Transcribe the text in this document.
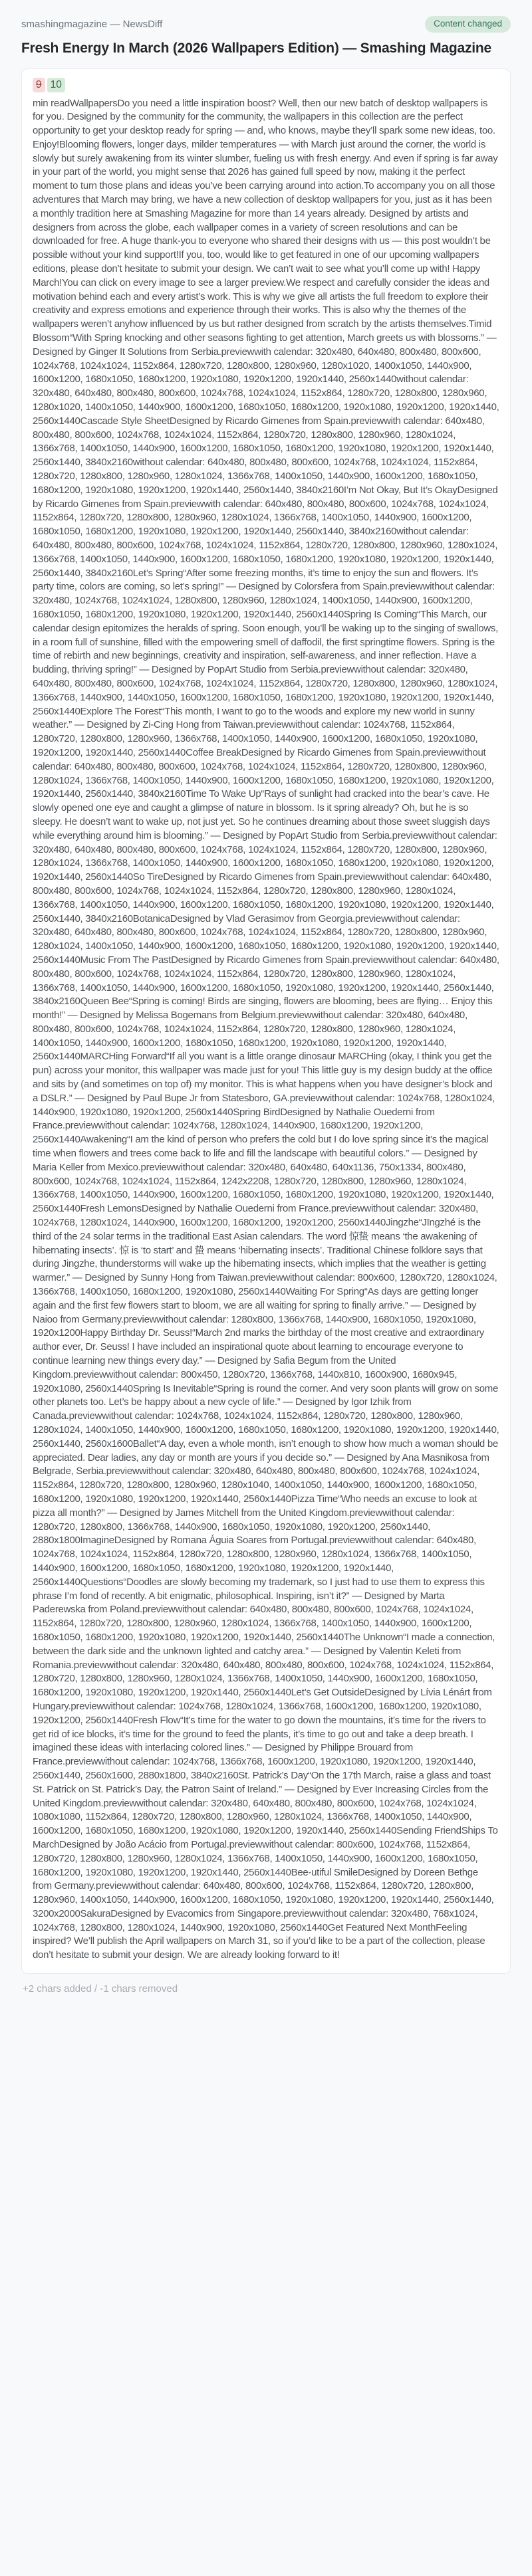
smashingmagazine — NewsDiff	Content changed
Fresh Energy In March (2026 Wallpapers Edition) — Smashing Magazine
9 10
min readWallpapersDo you need a little inspiration boost? Well, then our new batch of desktop wallpapers is for you. Designed by the community for the community, the wallpapers in this collection are the perfect opportunity to get your desktop ready for spring — and, who knows, maybe they’ll spark some new ideas, too. Enjoy!Blooming flowers, longer days, milder temperatures — with March just around the corner, the world is slowly but surely awakening from its winter slumber, fueling us with fresh energy. And even if spring is far away in your part of the world, you might sense that 2026 has gained full speed by now, making it the perfect moment to turn those plans and ideas you’ve been carrying around into action.To accompany you on all those adventures that March may bring, we have a new collection of desktop wallpapers for you, just as it has been a monthly tradition here at Smashing Magazine for more than 14 years already. Designed by artists and designers from across the globe, each wallpaper comes in a variety of screen resolutions and can be downloaded for free. A huge thank-you to everyone who shared their designs with us — this post wouldn’t be possible without your kind support!If you, too, would like to get featured in one of our upcoming wallpapers editions, please don’t hesitate to submit your design. We can’t wait to see what you’ll come up with! Happy March!You can click on every image to see a larger preview.We respect and carefully consider the ideas and motivation behind each and every artist’s work. This is why we give all artists the full freedom to explore their creativity and express emotions and experience through their works. This is also why the themes of the wallpapers weren’t anyhow influenced by us but rather designed from scratch by the artists themselves.Timid Blossom“With Spring knocking and other seasons fighting to get attention, March greets us with blossoms.” — Designed by Ginger It Solutions from Serbia.previewwith calendar: 320x480, 640x480, 800x480, 800x600, 1024x768, 1024x1024, 1152x864, 1280x720, 1280x800, 1280x960, 1280x1020, 1400x1050, 1440x900, 1600x1200, 1680x1050, 1680x1200, 1920x1080, 1920x1200, 1920x1440, 2560x1440without calendar: 320x480, 640x480, 800x480, 800x600, 1024x768, 1024x1024, 1152x864, 1280x720, 1280x800, 1280x960, 1280x1020, 1400x1050, 1440x900, 1600x1200, 1680x1050, 1680x1200, 1920x1080, 1920x1200, 1920x1440, 2560x1440Cascade Style SheetDesigned by Ricardo Gimenes from Spain.previewwith calendar: 640x480, 800x480, 800x600, 1024x768, 1024x1024, 1152x864, 1280x720, 1280x800, 1280x960, 1280x1024, 1366x768, 1400x1050, 1440x900, 1600x1200, 1680x1050, 1680x1200, 1920x1080, 1920x1200, 1920x1440, 2560x1440, 3840x2160without calendar: 640x480, 800x480, 800x600, 1024x768, 1024x1024, 1152x864, 1280x720, 1280x800, 1280x960, 1280x1024, 1366x768, 1400x1050, 1440x900, 1600x1200, 1680x1050, 1680x1200, 1920x1080, 1920x1200, 1920x1440, 2560x1440, 3840x2160I’m Not Okay, But It’s OkayDesigned by Ricardo Gimenes from Spain.previewwith calendar: 640x480, 800x480, 800x600, 1024x768, 1024x1024, 1152x864, 1280x720, 1280x800, 1280x960, 1280x1024, 1366x768, 1400x1050, 1440x900, 1600x1200, 1680x1050, 1680x1200, 1920x1080, 1920x1200, 1920x1440, 2560x1440, 3840x2160without calendar: 640x480, 800x480, 800x600, 1024x768, 1024x1024, 1152x864, 1280x720, 1280x800, 1280x960, 1280x1024, 1366x768, 1400x1050, 1440x900, 1600x1200, 1680x1050, 1680x1200, 1920x1080, 1920x1200, 1920x1440, 2560x1440, 3840x2160Let’s Spring“After some freezing months, it’s time to enjoy the sun and flowers. It’s party time, colors are coming, so let’s spring!” — Designed by Colorsfera from Spain.previewwithout calendar: 320x480, 1024x768, 1024x1024, 1280x800, 1280x960, 1280x1024, 1400x1050, 1440x900, 1600x1200, 1680x1050, 1680x1200, 1920x1080, 1920x1200, 1920x1440, 2560x1440Spring Is Coming“This March, our calendar design epitomizes the heralds of spring. Soon enough, you’ll be waking up to the singing of swallows, in a room full of sunshine, filled with the empowering smell of daffodil, the first springtime flowers. Spring is the time of rebirth and new beginnings, creativity and inspiration, self-awareness, and inner reflection. Have a budding, thriving spring!” — Designed by PopArt Studio from Serbia.previewwithout calendar: 320x480, 640x480, 800x480, 800x600, 1024x768, 1024x1024, 1152x864, 1280x720, 1280x800, 1280x960, 1280x1024, 1366x768, 1440x900, 1440x1050, 1600x1200, 1680x1050, 1680x1200, 1920x1080, 1920x1200, 1920x1440, 2560x1440Explore The Forest“This month, I want to go to the woods and explore my new world in sunny weather.” — Designed by Zi-Cing Hong from Taiwan.previewwithout calendar: 1024x768, 1152x864, 1280x720, 1280x800, 1280x960, 1366x768, 1400x1050, 1440x900, 1600x1200, 1680x1050, 1920x1080, 1920x1200, 1920x1440, 2560x1440Coffee BreakDesigned by Ricardo Gimenes from Spain.previewwithout calendar: 640x480, 800x480, 800x600, 1024x768, 1024x1024, 1152x864, 1280x720, 1280x800, 1280x960, 1280x1024, 1366x768, 1400x1050, 1440x900, 1600x1200, 1680x1050, 1680x1200, 1920x1080, 1920x1200, 1920x1440, 2560x1440, 3840x2160Time To Wake Up“Rays of sunlight had cracked into the bear’s cave. He slowly opened one eye and caught a glimpse of nature in blossom. Is it spring already? Oh, but he is so sleepy. He doesn’t want to wake up, not just yet. So he continues dreaming about those sweet sluggish days while everything around him is blooming.” — Designed by PopArt Studio from Serbia.previewwithout calendar: 320x480, 640x480, 800x480, 800x600, 1024x768, 1024x1024, 1152x864, 1280x720, 1280x800, 1280x960, 1280x1024, 1366x768, 1400x1050, 1440x900, 1600x1200, 1680x1050, 1680x1200, 1920x1080, 1920x1200, 1920x1440, 2560x1440So TireDesigned by Ricardo Gimenes from Spain.previewwithout calendar: 640x480, 800x480, 800x600, 1024x768, 1024x1024, 1152x864, 1280x720, 1280x800, 1280x960, 1280x1024, 1366x768, 1400x1050, 1440x900, 1600x1200, 1680x1050, 1680x1200, 1920x1080, 1920x1200, 1920x1440, 2560x1440, 3840x2160BotanicaDesigned by Vlad Gerasimov from Georgia.previewwithout calendar: 320x480, 640x480, 800x480, 800x600, 1024x768, 1024x1024, 1152x864, 1280x720, 1280x800, 1280x960, 1280x1024, 1400x1050, 1440x900, 1600x1200, 1680x1050, 1680x1200, 1920x1080, 1920x1200, 1920x1440, 2560x1440Music From The PastDesigned by Ricardo Gimenes from Spain.previewwithout calendar: 640x480, 800x480, 800x600, 1024x768, 1024x1024, 1152x864, 1280x720, 1280x800, 1280x960, 1280x1024, 1366x768, 1400x1050, 1440x900, 1600x1200, 1680x1050, 1920x1080, 1920x1200, 1920x1440, 2560x1440, 3840x2160Queen Bee“Spring is coming! Birds are singing, flowers are blooming, bees are flying… Enjoy this month!” — Designed by Melissa Bogemans from Belgium.previewwithout calendar: 320x480, 640x480, 800x480, 800x600, 1024x768, 1024x1024, 1152x864, 1280x720, 1280x800, 1280x960, 1280x1024, 1400x1050, 1440x900, 1600x1200, 1680x1050, 1680x1200, 1920x1080, 1920x1200, 1920x1440, 2560x1440MARCHing Forward“If all you want is a little orange dinosaur MARCHing (okay, I think you get the pun) across your monitor, this wallpaper was made just for you! This little guy is my design buddy at the office and sits by (and sometimes on top of) my monitor. This is what happens when you have designer’s block and a DSLR.” — Designed by Paul Bupe Jr from Statesboro, GA.previewwithout calendar: 1024x768, 1280x1024, 1440x900, 1920x1080, 1920x1200, 2560x1440Spring BirdDesigned by Nathalie Ouederni from France.previewwithout calendar: 1024x768, 1280x1024, 1440x900, 1680x1200, 1920x1200, 2560x1440Awakening“I am the kind of person who prefers the cold but I do love spring since it’s the magical time when flowers and trees come back to life and fill the landscape with beautiful colors.” — Designed by Maria Keller from Mexico.previewwithout calendar: 320x480, 640x480, 640x1136, 750x1334, 800x480, 800x600, 1024x768, 1024x1024, 1152x864, 1242x2208, 1280x720, 1280x800, 1280x960, 1280x1024, 1366x768, 1400x1050, 1440x900, 1600x1200, 1680x1050, 1680x1200, 1920x1080, 1920x1200, 1920x1440, 2560x1440Fresh LemonsDesigned by Nathalie Ouederni from France.previewwithout calendar: 320x480, 1024x768, 1280x1024, 1440x900, 1600x1200, 1680x1200, 1920x1200, 2560x1440Jingzhe“Jīngzhé is the third of the 24 solar terms in the traditional East Asian calendars. The word 惊蛰 means ‘the awakening of hibernating insects’. 惊 is ‘to start’ and 蛰 means ‘hibernating insects’. Traditional Chinese folklore says that during Jingzhe, thunderstorms will wake up the hibernating insects, which implies that the weather is getting warmer.” — Designed by Sunny Hong from Taiwan.previewwithout calendar: 800x600, 1280x720, 1280x1024, 1366x768, 1400x1050, 1680x1200, 1920x1080, 2560x1440Waiting For Spring“As days are getting longer again and the first few flowers start to bloom, we are all waiting for spring to finally arrive.” — Designed by Naioo from Germany.previewwithout calendar: 1280x800, 1366x768, 1440x900, 1680x1050, 1920x1080, 1920x1200Happy Birthday Dr. Seuss!“March 2nd marks the birthday of the most creative and extraordinary author ever, Dr. Seuss! I have included an inspirational quote about learning to encourage everyone to continue learning new things every day.” — Designed by Safia Begum from the United Kingdom.previewwithout calendar: 800x450, 1280x720, 1366x768, 1440x810, 1600x900, 1680x945, 1920x1080, 2560x1440Spring Is Inevitable“Spring is round the corner. And very soon plants will grow on some other planets too. Let’s be happy about a new cycle of life.” — Designed by Igor Izhik from Canada.previewwithout calendar: 1024x768, 1024x1024, 1152x864, 1280x720, 1280x800, 1280x960, 1280x1024, 1400x1050, 1440x900, 1600x1200, 1680x1050, 1680x1200, 1920x1080, 1920x1200, 1920x1440, 2560x1440, 2560x1600Ballet“A day, even a whole month, isn’t enough to show how much a woman should be appreciated. Dear ladies, any day or month are yours if you decide so.” — Designed by Ana Masnikosa from Belgrade, Serbia.previewwithout calendar: 320x480, 640x480, 800x480, 800x600, 1024x768, 1024x1024, 1152x864, 1280x720, 1280x800, 1280x960, 1280x1040, 1400x1050, 1440x900, 1600x1200, 1680x1050, 1680x1200, 1920x1080, 1920x1200, 1920x1440, 2560x1440Pizza Time“Who needs an excuse to look at pizza all month?” — Designed by James Mitchell from the United Kingdom.previewwithout calendar: 1280x720, 1280x800, 1366x768, 1440x900, 1680x1050, 1920x1080, 1920x1200, 2560x1440, 2880x1800ImagineDesigned by Romana Águia Soares from Portugal.previewwithout calendar: 640x480, 1024x768, 1024x1024, 1152x864, 1280x720, 1280x800, 1280x960, 1280x1024, 1366x768, 1400x1050, 1440x900, 1600x1200, 1680x1050, 1680x1200, 1920x1080, 1920x1200, 1920x1440, 2560x1440Questions“Doodles are slowly becoming my trademark, so I just had to use them to express this phrase I’m fond of recently. A bit enigmatic, philosophical. Inspiring, isn’t it?” — Designed by Marta Paderewska from Poland.previewwithout calendar: 640x480, 800x480, 800x600, 1024x768, 1024x1024, 1152x864, 1280x720, 1280x800, 1280x960, 1280x1024, 1366x768, 1400x1050, 1440x900, 1600x1200, 1680x1050, 1680x1200, 1920x1080, 1920x1200, 1920x1440, 2560x1440The Unknown“I made a connection, between the dark side and the unknown lighted and catchy area.” — Designed by Valentin Keleti from Romania.previewwithout calendar: 320x480, 640x480, 800x480, 800x600, 1024x768, 1024x1024, 1152x864, 1280x720, 1280x800, 1280x960, 1280x1024, 1366x768, 1400x1050, 1440x900, 1600x1200, 1680x1050, 1680x1200, 1920x1080, 1920x1200, 1920x1440, 2560x1440Let’s Get OutsideDesigned by Lívia Lénárt from Hungary.previewwithout calendar: 1024x768, 1280x1024, 1366x768, 1600x1200, 1680x1200, 1920x1080, 1920x1200, 2560x1440Fresh Flow“It’s time for the water to go down the mountains, it’s time for the rivers to get rid of ice blocks, it’s time for the ground to feed the plants, it’s time to go out and take a deep breath. I imagined these ideas with interlacing colored lines.” — Designed by Philippe Brouard from France.previewwithout calendar: 1024x768, 1366x768, 1600x1200, 1920x1080, 1920x1200, 1920x1440, 2560x1440, 2560x1600, 2880x1800, 3840x2160St. Patrick’s Day“On the 17th March, raise a glass and toast St. Patrick on St. Patrick’s Day, the Patron Saint of Ireland.” — Designed by Ever Increasing Circles from the United Kingdom.previewwithout calendar: 320x480, 640x480, 800x480, 800x600, 1024x768, 1024x1024, 1080x1080, 1152x864, 1280x720, 1280x800, 1280x960, 1280x1024, 1366x768, 1400x1050, 1440x900, 1600x1200, 1680x1050, 1680x1200, 1920x1080, 1920x1200, 1920x1440, 2560x1440Sending FriendShips To MarchDesigned by João Acácio from Portugal.previewwithout calendar: 800x600, 1024x768, 1152x864, 1280x720, 1280x800, 1280x960, 1280x1024, 1366x768, 1400x1050, 1440x900, 1600x1200, 1680x1050, 1680x1200, 1920x1080, 1920x1200, 1920x1440, 2560x1440Bee-utiful SmileDesigned by Doreen Bethge from Germany.previewwithout calendar: 640x480, 800x600, 1024x768, 1152x864, 1280x720, 1280x800, 1280x960, 1400x1050, 1440x900, 1600x1200, 1680x1050, 1920x1080, 1920x1200, 1920x1440, 2560x1440, 3200x2000SakuraDesigned by Evacomics from Singapore.previewwithout calendar: 320x480, 768x1024, 1024x768, 1280x800, 1280x1024, 1440x900, 1920x1080, 2560x1440Get Featured Next MonthFeeling inspired? We’ll publish the April wallpapers on March 31, so if you’d like to be a part of the collection, please don’t hesitate to submit your design. We are already looking forward to it!
+2 chars added / -1 chars removed
